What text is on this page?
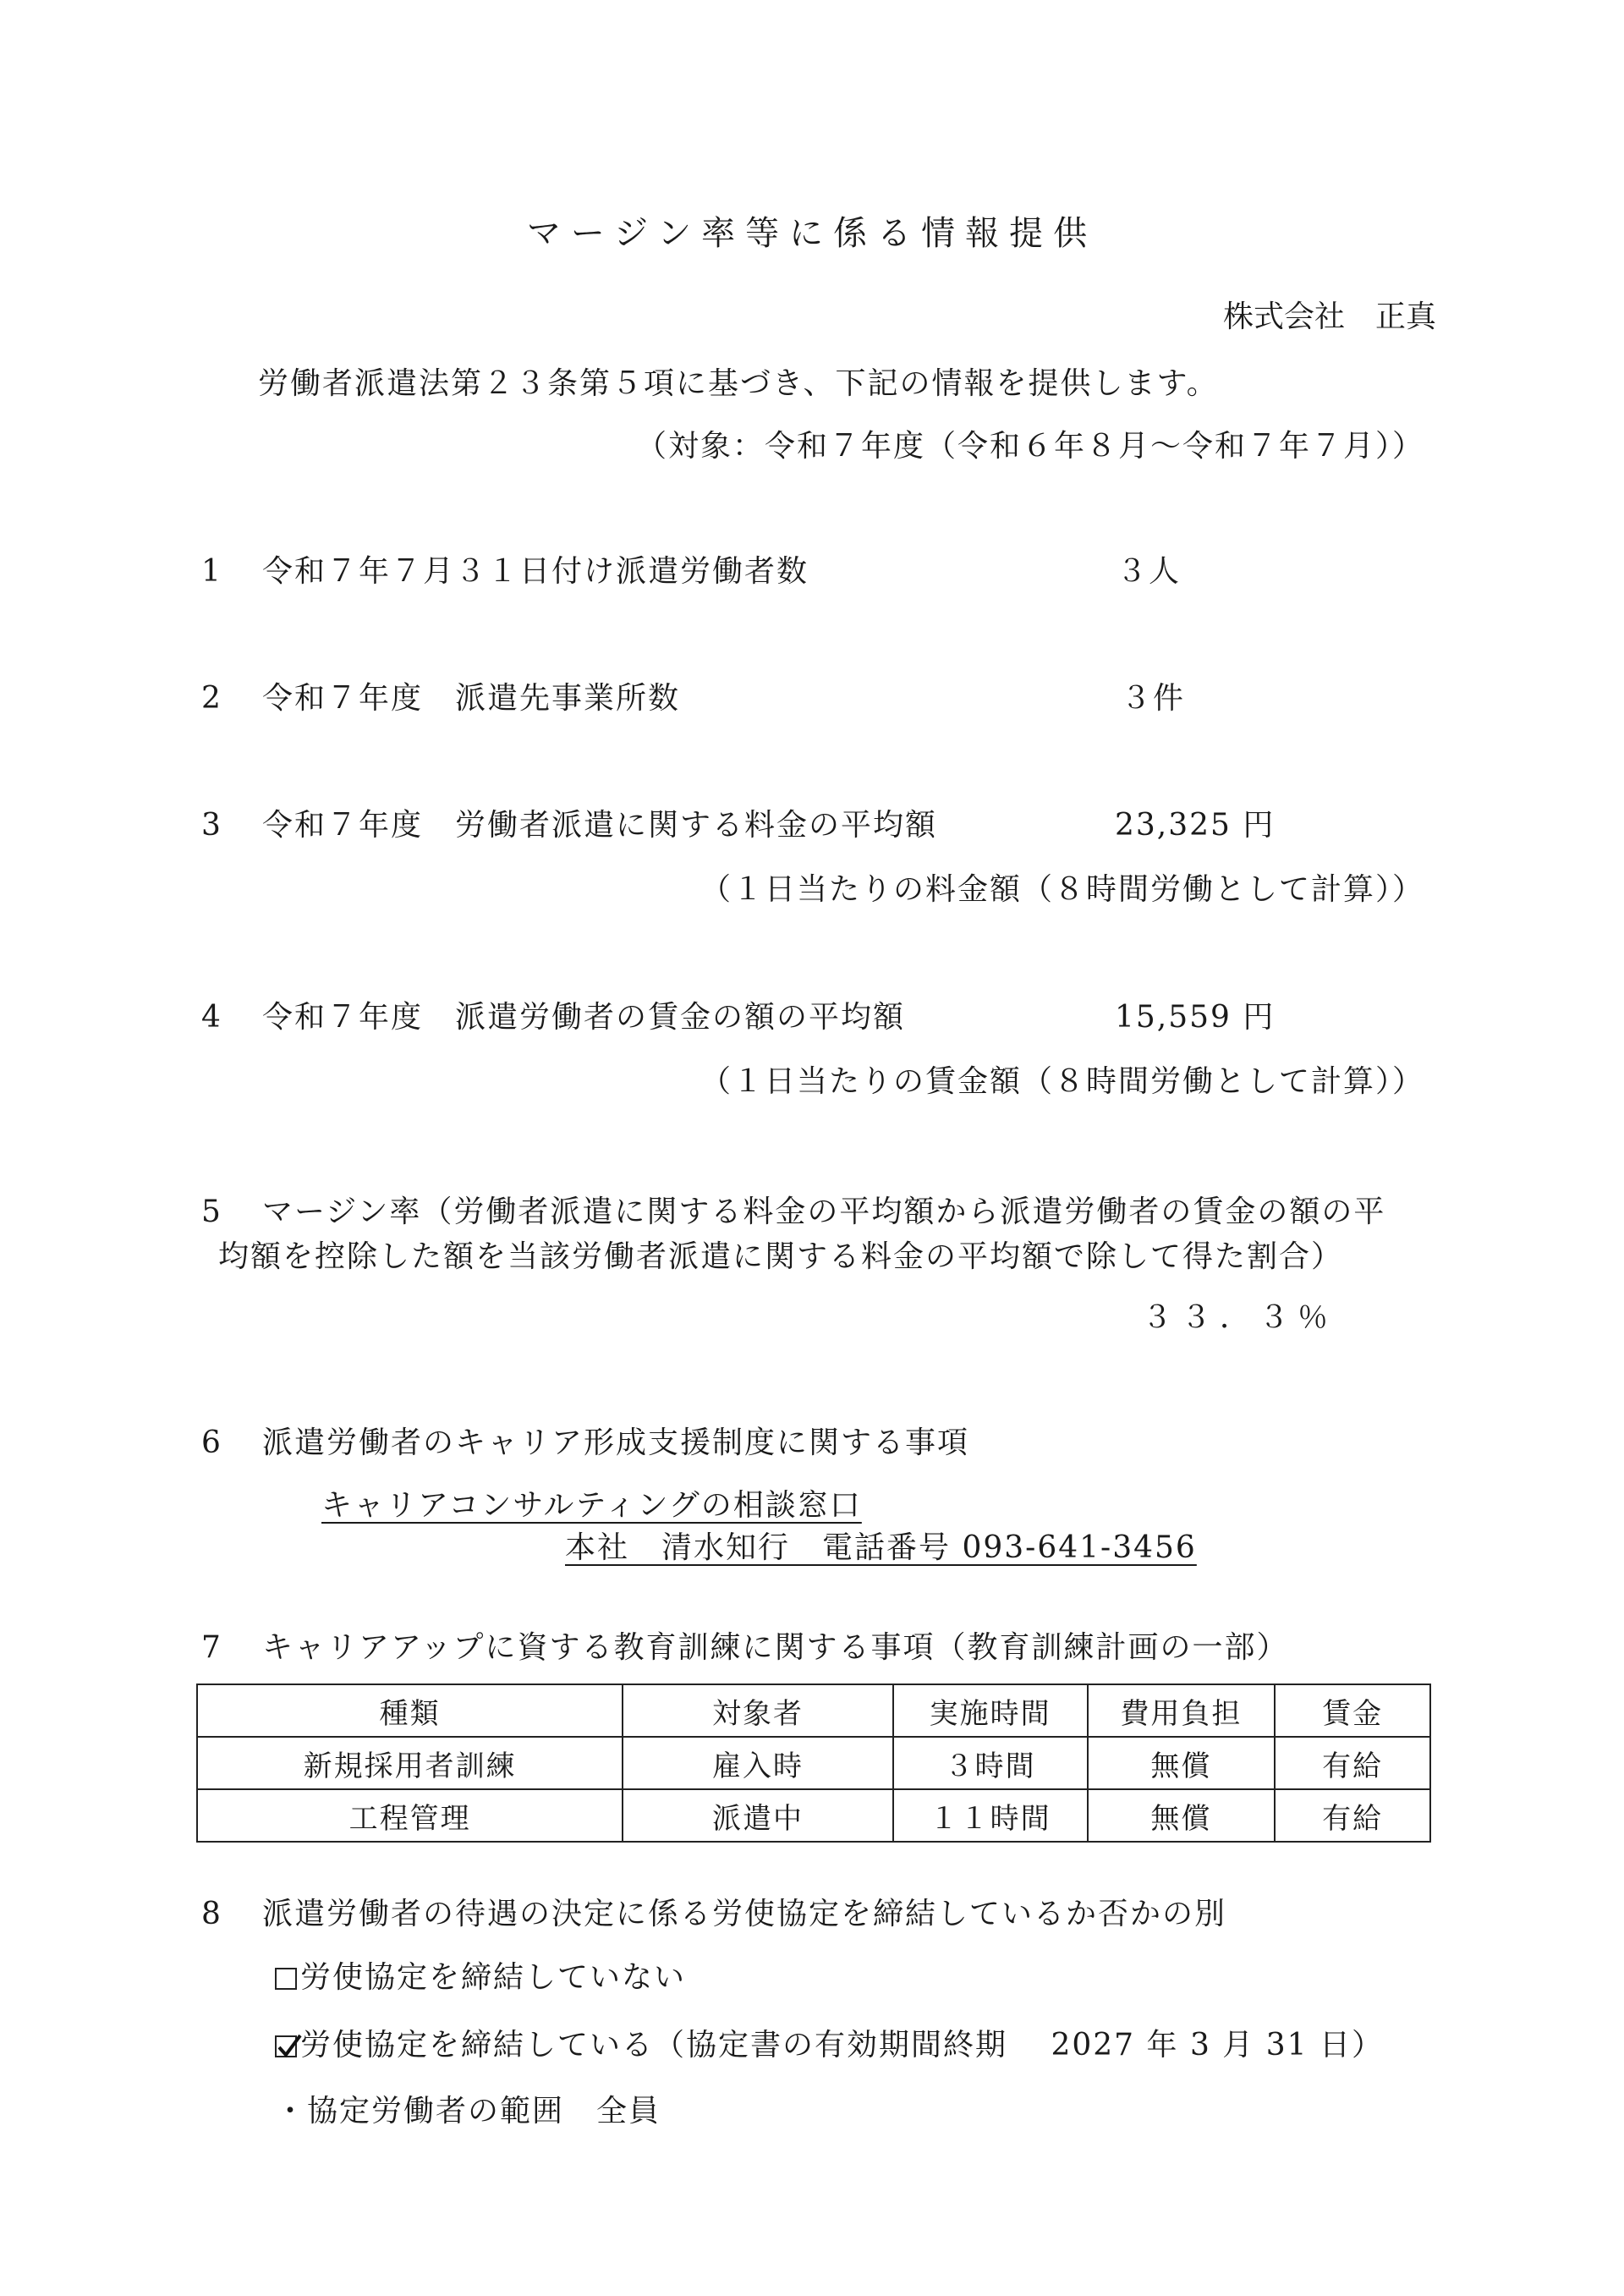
マージン率等に係る情報提供
株式会社　正真
労働者派遣法第２３条第５項に基づき、下記の情報を提供します。
（対象：令和７年度（令和６年８月～令和７年７月））
1 令和７年７月３１日付け派遣労働者数	３人
2 令和７年度　派遣先事業所数	３件
3 令和７年度　労働者派遣に関する料金の平均額	23,325 円
（１日当たりの料金額（８時間労働として計算））
4 令和７年度　派遣労働者の賃金の額の平均額	15,559 円
（１日当たりの賃金額（８時間労働として計算））
5 マージン率（労働者派遣に関する料金の平均額から派遣労働者の賃金の額の平
均額を控除した額を当該労働者派遣に関する料金の平均額で除して得た割合）
３３．３％
6 派遣労働者のキャリア形成支援制度に関する事項
キャリアコンサルティングの相談窓口
本社　清水知行　電話番号 093-641-3456
7 キャリアアップに資する教育訓練に関する事項（教育訓練計画の一部）
種類	対象者	実施時間	費用負担	賃金
新規採用者訓練	雇入時	３時間	無償	有給
工程管理	派遣中	１１時間	無償	有給
8 派遣労働者の待遇の決定に係る労使協定を締結しているか否かの別
労使協定を締結していない
労使協定を締結している（協定書の有効期間終期　 2027 年 3 月 31 日）
・協定労働者の範囲　全員
